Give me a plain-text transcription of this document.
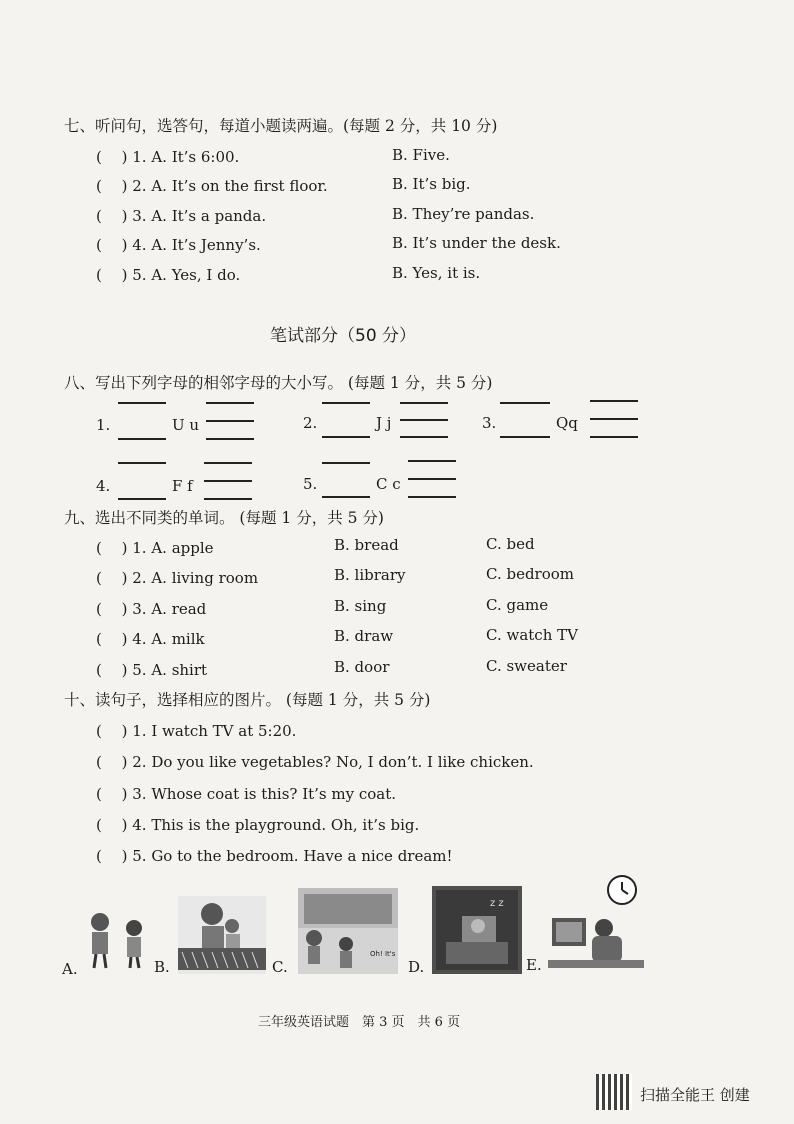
七、听问句，选答句，每道小题读两遍。(每题 2 分，共 10 分)
(　 ) 1. A. It’s 6:00.	B. Five.
(　 ) 2. A. It’s on the first floor.	B. It’s big.
(　 ) 3. A. It’s a panda.	B. They’re pandas.
(　 ) 4. A. It’s Jenny’s.	B. It’s under the desk.
(　 ) 5. A. Yes, I do.	B. Yes, it is.
笔试部分（50 分）
八、写出下列字母的相邻字母的大小写。 (每题 1 分，共 5 分)
1.	U u	2.	J j	3.	Qq
4.	F f	5.	C c
九、选出不同类的单词。 (每题 1 分，共 5 分)
(　 ) 1. A. apple	B. bread	C. bed
(　 ) 2. A. living room	B. library	C. bedroom
(　 ) 3. A. read	B. sing	C. game
(　 ) 4. A. milk	B. draw	C. watch TV
(　 ) 5. A. shirt	B. door	C. sweater
十、读句子，选择相应的图片。 (每题 1 分，共 5 分)
(　 ) 1. I watch TV at 5:20.
(　 ) 2. Do you like vegetables? No, I don’t. I like chicken.
(　 ) 3. Whose coat is this? It’s my coat.
(　 ) 4. This is the playground. Oh, it’s big.
(　 ) 5. Go to the bedroom. Have a nice dream!
A.	B.	C.
Oh! It's
D.
z z
E.
三年级英语试题　第 3 页　共 6 页
扫描全能王 创建
